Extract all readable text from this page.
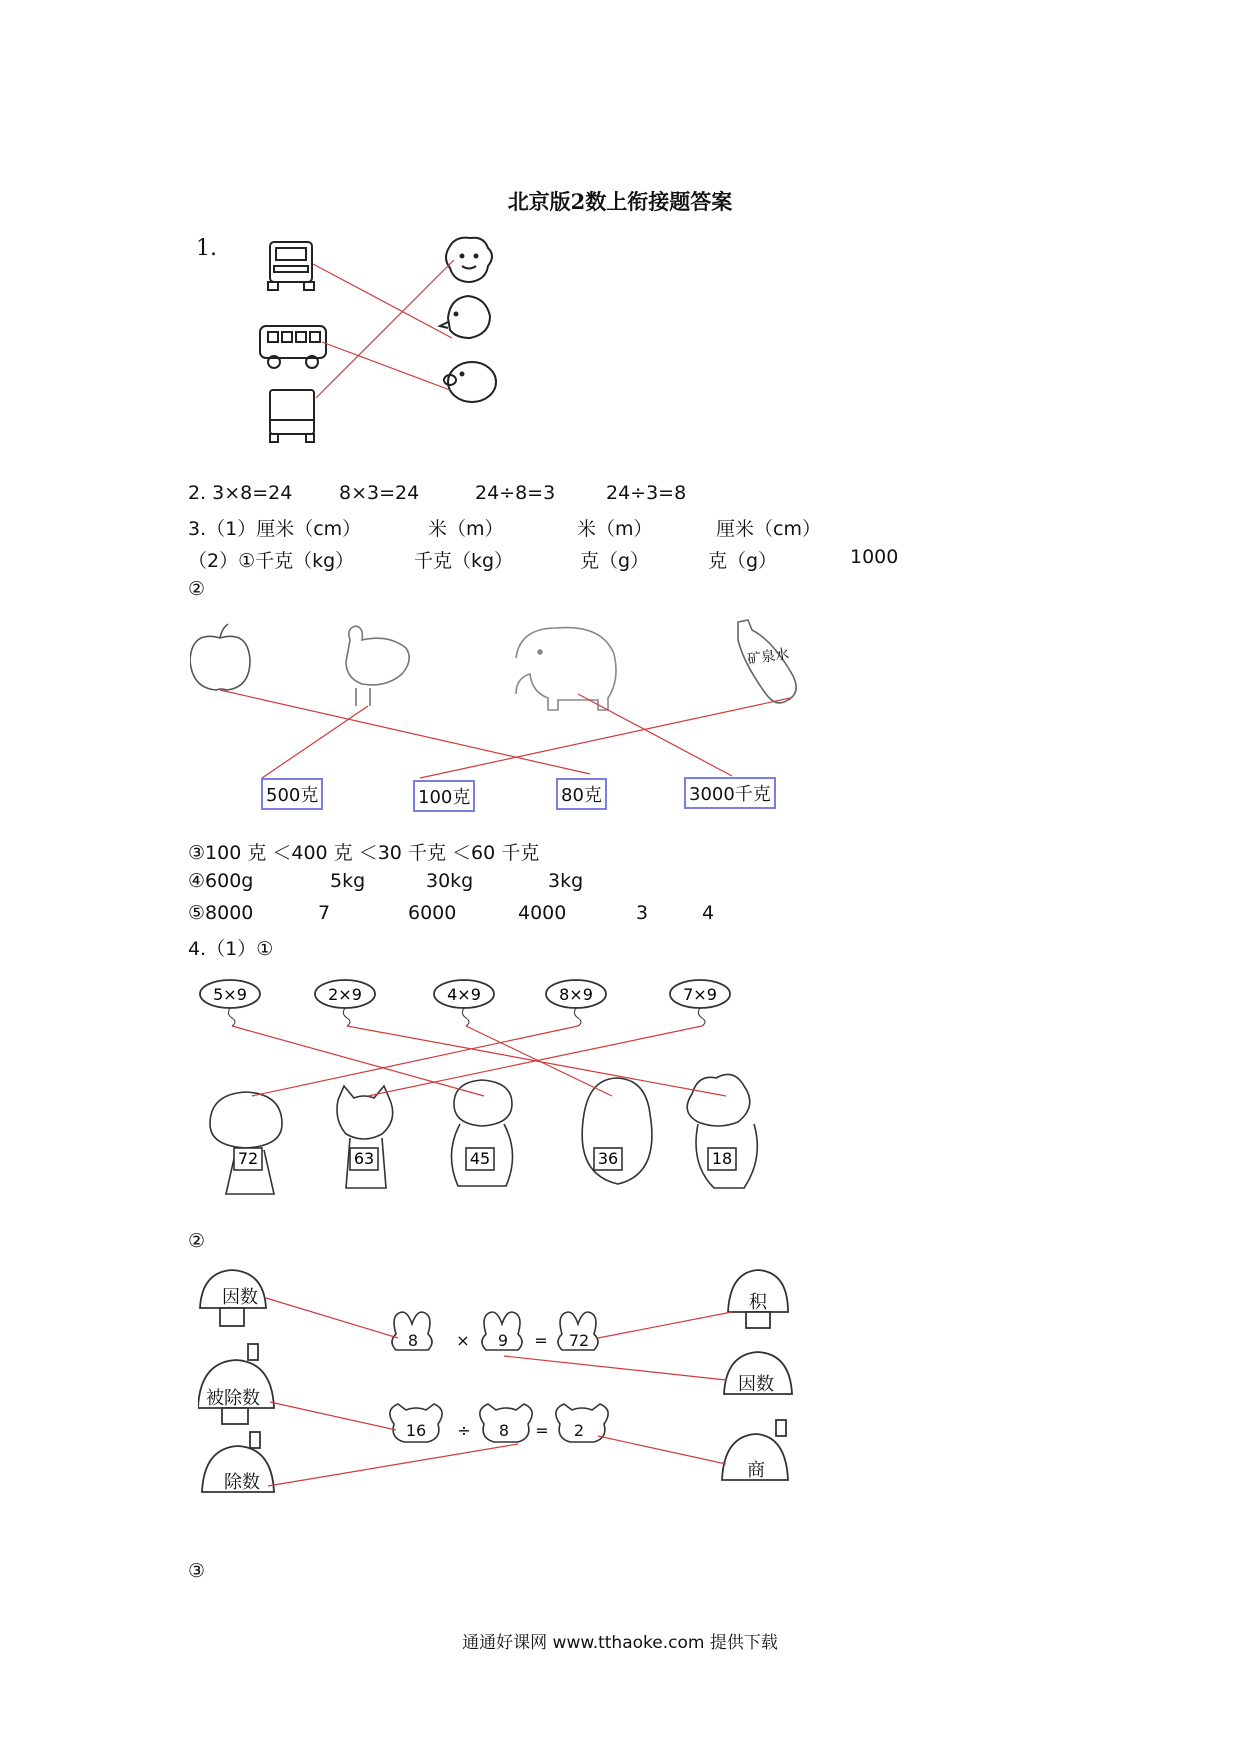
北京版2数上衔接题答案
1.
2. 3×8=24 8×3=24	24÷8=3	24÷3=8
3.（1）厘米（cm）	米（m）	米（m）	厘米（cm）
（2）①千克（kg）	千克（kg）	克（g）	克（g）	1000
②
矿泉水
500克	100克	80克	3000千克
③100 克 ＜400 克 ＜30 千克 ＜60 千克
④600g	5kg	30kg	3kg
⑤8000	7	6000	4000	3	4
4.（1）①
5×9	2×9	4×9	8×9	7×9
72	63	45	36	18
②
因数
被除数
除数
积
因数
商
8 × 9 = 72
16 ÷ 8 = 2
③
通通好课网 www.tthaoke.com 提供下载
